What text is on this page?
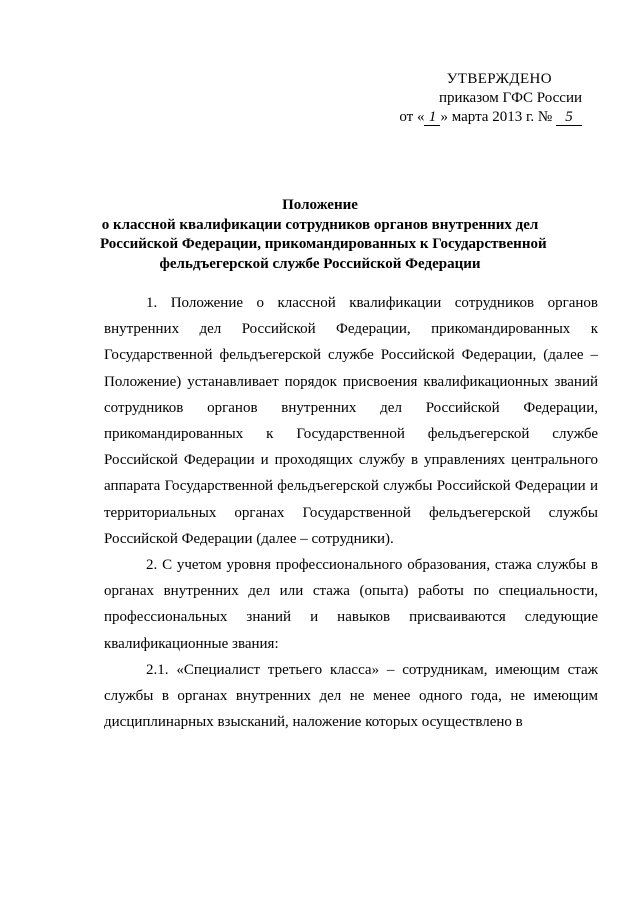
УТВЕРЖДЕНО
приказом ГФС России
от « 1 » марта 2013 г. № 5
Положение
о классной квалификации сотрудников органов внутренних дел
Российской Федерации, прикомандированных к Государственной
фельдъегерской службе Российской Федерации

1. Положение о классной квалификации сотрудников органов внутренних дел Российской Федерации, прикомандированных к Государственной фельдъегерской службе Российской Федерации, (далее – Положение) устанавливает порядок присвоения квалификационных званий сотрудников органов внутренних дел Российской Федерации, прикомандированных к Государственной фельдъегерской службе Российской Федерации и проходящих службу в управлениях центрального аппарата Государственной фельдъегерской службы Российской Федерации и территориальных органах Государственной фельдъегерской службы Российской Федерации (далее – сотрудники).

2. С учетом уровня профессионального образования, стажа службы в органах внутренних дел или стажа (опыта) работы по специальности, профессиональных знаний и навыков присваиваются следующие квалификационные звания:

2.1. «Специалист третьего класса» – сотрудникам, имеющим стаж службы в органах внутренних дел не менее одного года, не имеющим дисциплинарных взысканий, наложение которых осуществлено в
